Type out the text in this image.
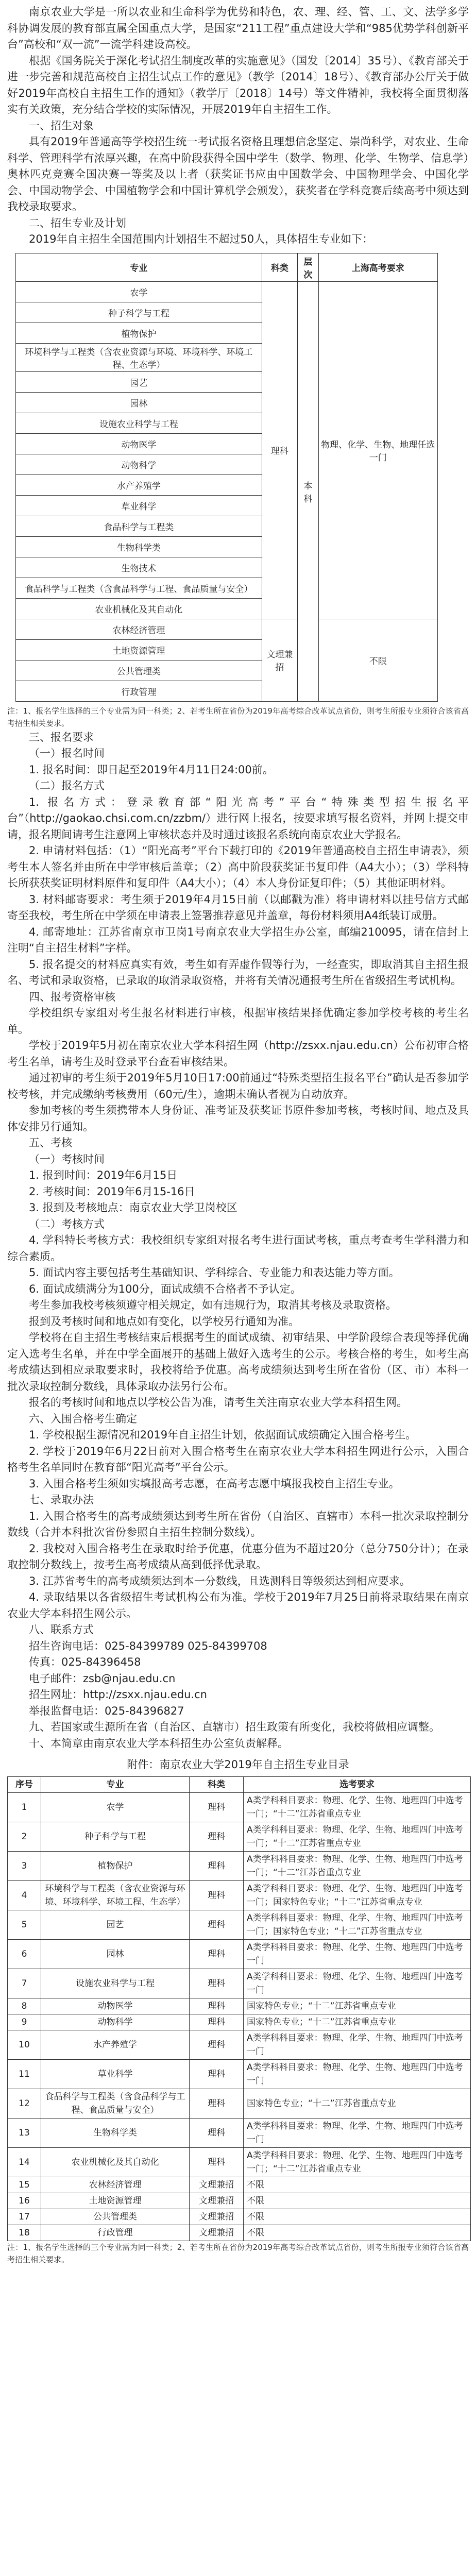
南京农业大学是一所以农业和生命科学为优势和特色，农、理、经、管、工、文、法学多学科协调发展的教育部直属全国重点大学，是国家“211工程”重点建设大学和“985优势学科创新平台”高校和“双一流”一流学科建设高校。

根据《国务院关于深化考试招生制度改革的实施意见》（国发〔2014〕35号）、《教育部关于进一步完善和规范高校自主招生试点工作的意见》（教学〔2014〕18号）、《教育部办公厅关于做好2019年高校自主招生工作的通知》（教学厅〔2018〕14号）等文件精神，我校将全面贯彻落实有关政策，充分结合学校的实际情况，开展2019年自主招生工作。

一、招生对象

具有2019年普通高等学校招生统一考试报名资格且理想信念坚定、崇尚科学，对农业、生命科学、管理科学有浓厚兴趣，在高中阶段获得全国中学生（数学、物理、化学、生物学、信息学）奥林匹克竞赛全国决赛一等奖及以上者（获奖证书应由中国数学会、中国物理学会、中国化学会、中国动物学会、中国植物学会和中国计算机学会颁发），获奖者在学科竞赛后续高考中须达到我校录取要求。

二、招生专业及计划

2019年自主招生全国范围内计划招生不超过50人，具体招生专业如下：

专业	科类	层次	上海高考要求
农学	理科	本科	物理、化学、生物、地理任选一门
种子科学与工程			
植物保护			
环境科学与工程类（含农业资源与环境、环境科学、环境工程、生态学）			
园艺			
园林			
设施农业科学与工程			
动物医学			
动物科学			
水产养殖学			
草业科学			
食品科学与工程类			
生物科学类			
生物技术			
食品科学与工程类（含食品科学与工程、食品质量与安全）			
农业机械化及其自动化			
农林经济管理	文理兼招		不限
土地资源管理			
公共管理类			
行政管理			

注：1、报名学生选择的三个专业需为同一科类；2、若考生所在省份为2019年高考综合改革试点省份，则考生所报专业须符合该省高考招生相关要求。

三、报名要求

（一）报名时间

1. 报名时间：即日起至2019年4月11日24:00前。

（二）报名方式

1. 报名方式：登录教育部“阳光高考”平台“特殊类型招生报名平台”（http://gaokao.chsi.com.cn/zzbm/）进行网上报名，按要求填写报名资料，并网上提交申请，报名期间请考生注意网上审核状态并及时通过该报名系统向南京农业大学报名。

2. 申请材料包括：（1）“阳光高考”平台下载打印的《2019年普通高校自主招生申请表》，须考生本人签名并由所在中学审核后盖章；（2）高中阶段获奖证书复印件（A4大小）；（3）学科特长所获获奖证明材料原件和复印件（A4大小）；（4）本人身份证复印件；（5）其他证明材料。

3. 材料邮寄要求：考生须于2019年4月15日前（以邮戳为准）将申请材料以挂号信方式邮寄至我校，考生所在中学须在申请表上签署推荐意见并盖章，每份材料须用A4纸装订成册。

4. 邮寄地址：江苏省南京市卫岗1号南京农业大学招生办公室，邮编210095，请在信封上注明“自主招生材料”字样。

5. 报名提交的材料应真实有效，考生如有弄虚作假等行为，一经查实，即取消其自主招生报名、考试和录取资格，已录取的取消录取资格，并将有关情况通报考生所在省级招生考试机构。

四、报考资格审核

学校组织专家组对考生报名材料进行审核，根据审核结果择优确定参加学校考核的考生名单。

学校于2019年5月初在南京农业大学本科招生网（http://zsxx.njau.edu.cn）公布初审合格考生名单，请考生及时登录平台查看审核结果。

通过初审的考生须于2019年5月10日17:00前通过“特殊类型招生报名平台”确认是否参加学校考核，并完成缴纳考核费用（60元/生），逾期未确认者视为自动放弃。

参加考核的考生须携带本人身份证、准考证及获奖证书原件参加考核，考核时间、地点及具体安排另行通知。

五、考核

（一）考核时间

1. 报到时间：2019年6月15日

2. 考核时间：2019年6月15-16日

3. 报到及考核地点：南京农业大学卫岗校区

（二）考核方式

4. 学科特长考核方式：我校组织专家组对报名考生进行面试考核，重点考查考生学科潜力和综合素质。

5. 面试内容主要包括考生基础知识、学科综合、专业能力和表达能力等方面。

6. 面试成绩满分为100分，面试成绩不合格者不予认定。

考生参加我校考核须遵守相关规定，如有违规行为，取消其考核及录取资格。

报到及考核时间和地点如有变化，以学校另行通知为准。

学校将在自主招生考核结束后根据考生的面试成绩、初审结果、中学阶段综合表现等择优确定入选考生名单，并在中学全面展开的基础上做好入选考生的公示。考核合格的考生，如考生高考成绩达到相应录取要求时，我校将给予优惠。高考成绩须达到考生所在省份（区、市）本科一批次录取控制分数线，具体录取办法另行公布。

报名的考核时间和地点以学校公告为准，请考生关注南京农业大学本科招生网。

六、入围合格考生确定

1. 学校根据生源情况和2019年自主招生计划，依据面试成绩确定入围合格考生。

2. 学校于2019年6月22日前对入围合格考生在南京农业大学本科招生网进行公示，入围合格考生名单同时在教育部“阳光高考”平台公示。

3. 入围合格考生须如实填报高考志愿，在高考志愿中填报我校自主招生专业。

七、录取办法

1. 入围合格考生的高考成绩须达到考生所在省份（自治区、直辖市）本科一批次录取控制分数线（合并本科批次省份参照自主招生控制分数线）。

2. 我校对入围合格考生在录取时给予优惠，优惠分值为不超过20分（总分750分计）；在录取控制分数线上，按考生高考成绩从高到低择优录取。

3. 江苏省考生的高考成绩须达到本一分数线，且选测科目等级须达到相应要求。

4. 录取结果以各省级招生考试机构公布为准。学校于2019年7月25日前将录取结果在南京农业大学本科招生网公示。

八、联系方式

招生咨询电话：025-84399789 025-84399708

传真：025-84396458

电子邮件：zsb@njau.edu.cn

招生网址：http://zsxx.njau.edu.cn

举报监督电话：025-84396827

九、若国家或生源所在省（自治区、直辖市）招生政策有所变化，我校将做相应调整。

十、本简章由南京农业大学本科招生办公室负责解释。

附件：南京农业大学2019年自主招生专业目录

序号	专业	科类	选考要求
1	农学	理科	A类学科科目要求：物理、化学、生物、地理四门中选考一门；“十二”江苏省重点专业
2	种子科学与工程	理科	A类学科科目要求：物理、化学、生物、地理四门中选考一门；“十二”江苏省重点专业
3	植物保护	理科	A类学科科目要求：物理、化学、生物、地理四门中选考一门；“十二”江苏省重点专业
4	环境科学与工程类（含农业资源与环境、环境科学、环境工程、生态学）	理科	A类学科科目要求：物理、化学、生物、地理四门中选考一门；国家特色专业；“十二”江苏省重点专业
5	园艺	理科	A类学科科目要求：物理、化学、生物、地理四门中选考一门；国家特色专业；“十二”江苏省重点专业
6	园林	理科	A类学科科目要求：物理、化学、生物、地理四门中选考一门
7	设施农业科学与工程	理科	A类学科科目要求：物理、化学、生物、地理四门中选考一门
8	动物医学	理科	国家特色专业；“十二”江苏省重点专业
9	动物科学	理科	国家特色专业；“十二”江苏省重点专业
10	水产养殖学	理科	A类学科科目要求：物理、化学、生物、地理四门中选考一门
11	草业科学	理科	A类学科科目要求：物理、化学、生物、地理四门中选考一门
12	食品科学与工程类（含食品科学与工程、食品质量与安全）	理科	国家特色专业；“十二”江苏省重点专业
13	生物科学类	理科	A类学科科目要求：物理、化学、生物、地理四门中选考一门
14	农业机械化及其自动化	理科	A类学科科目要求：物理、化学、生物、地理四门中选考一门；“十二”江苏省重点专业
15	农林经济管理	文理兼招	不限
16	土地资源管理	文理兼招	不限
17	公共管理类	文理兼招	不限
18	行政管理	文理兼招	不限

注：1、报名学生选择的三个专业需为同一科类；2、若考生所在省份为2019年高考综合改革试点省份，则考生所报专业须符合该省高考招生相关要求。
